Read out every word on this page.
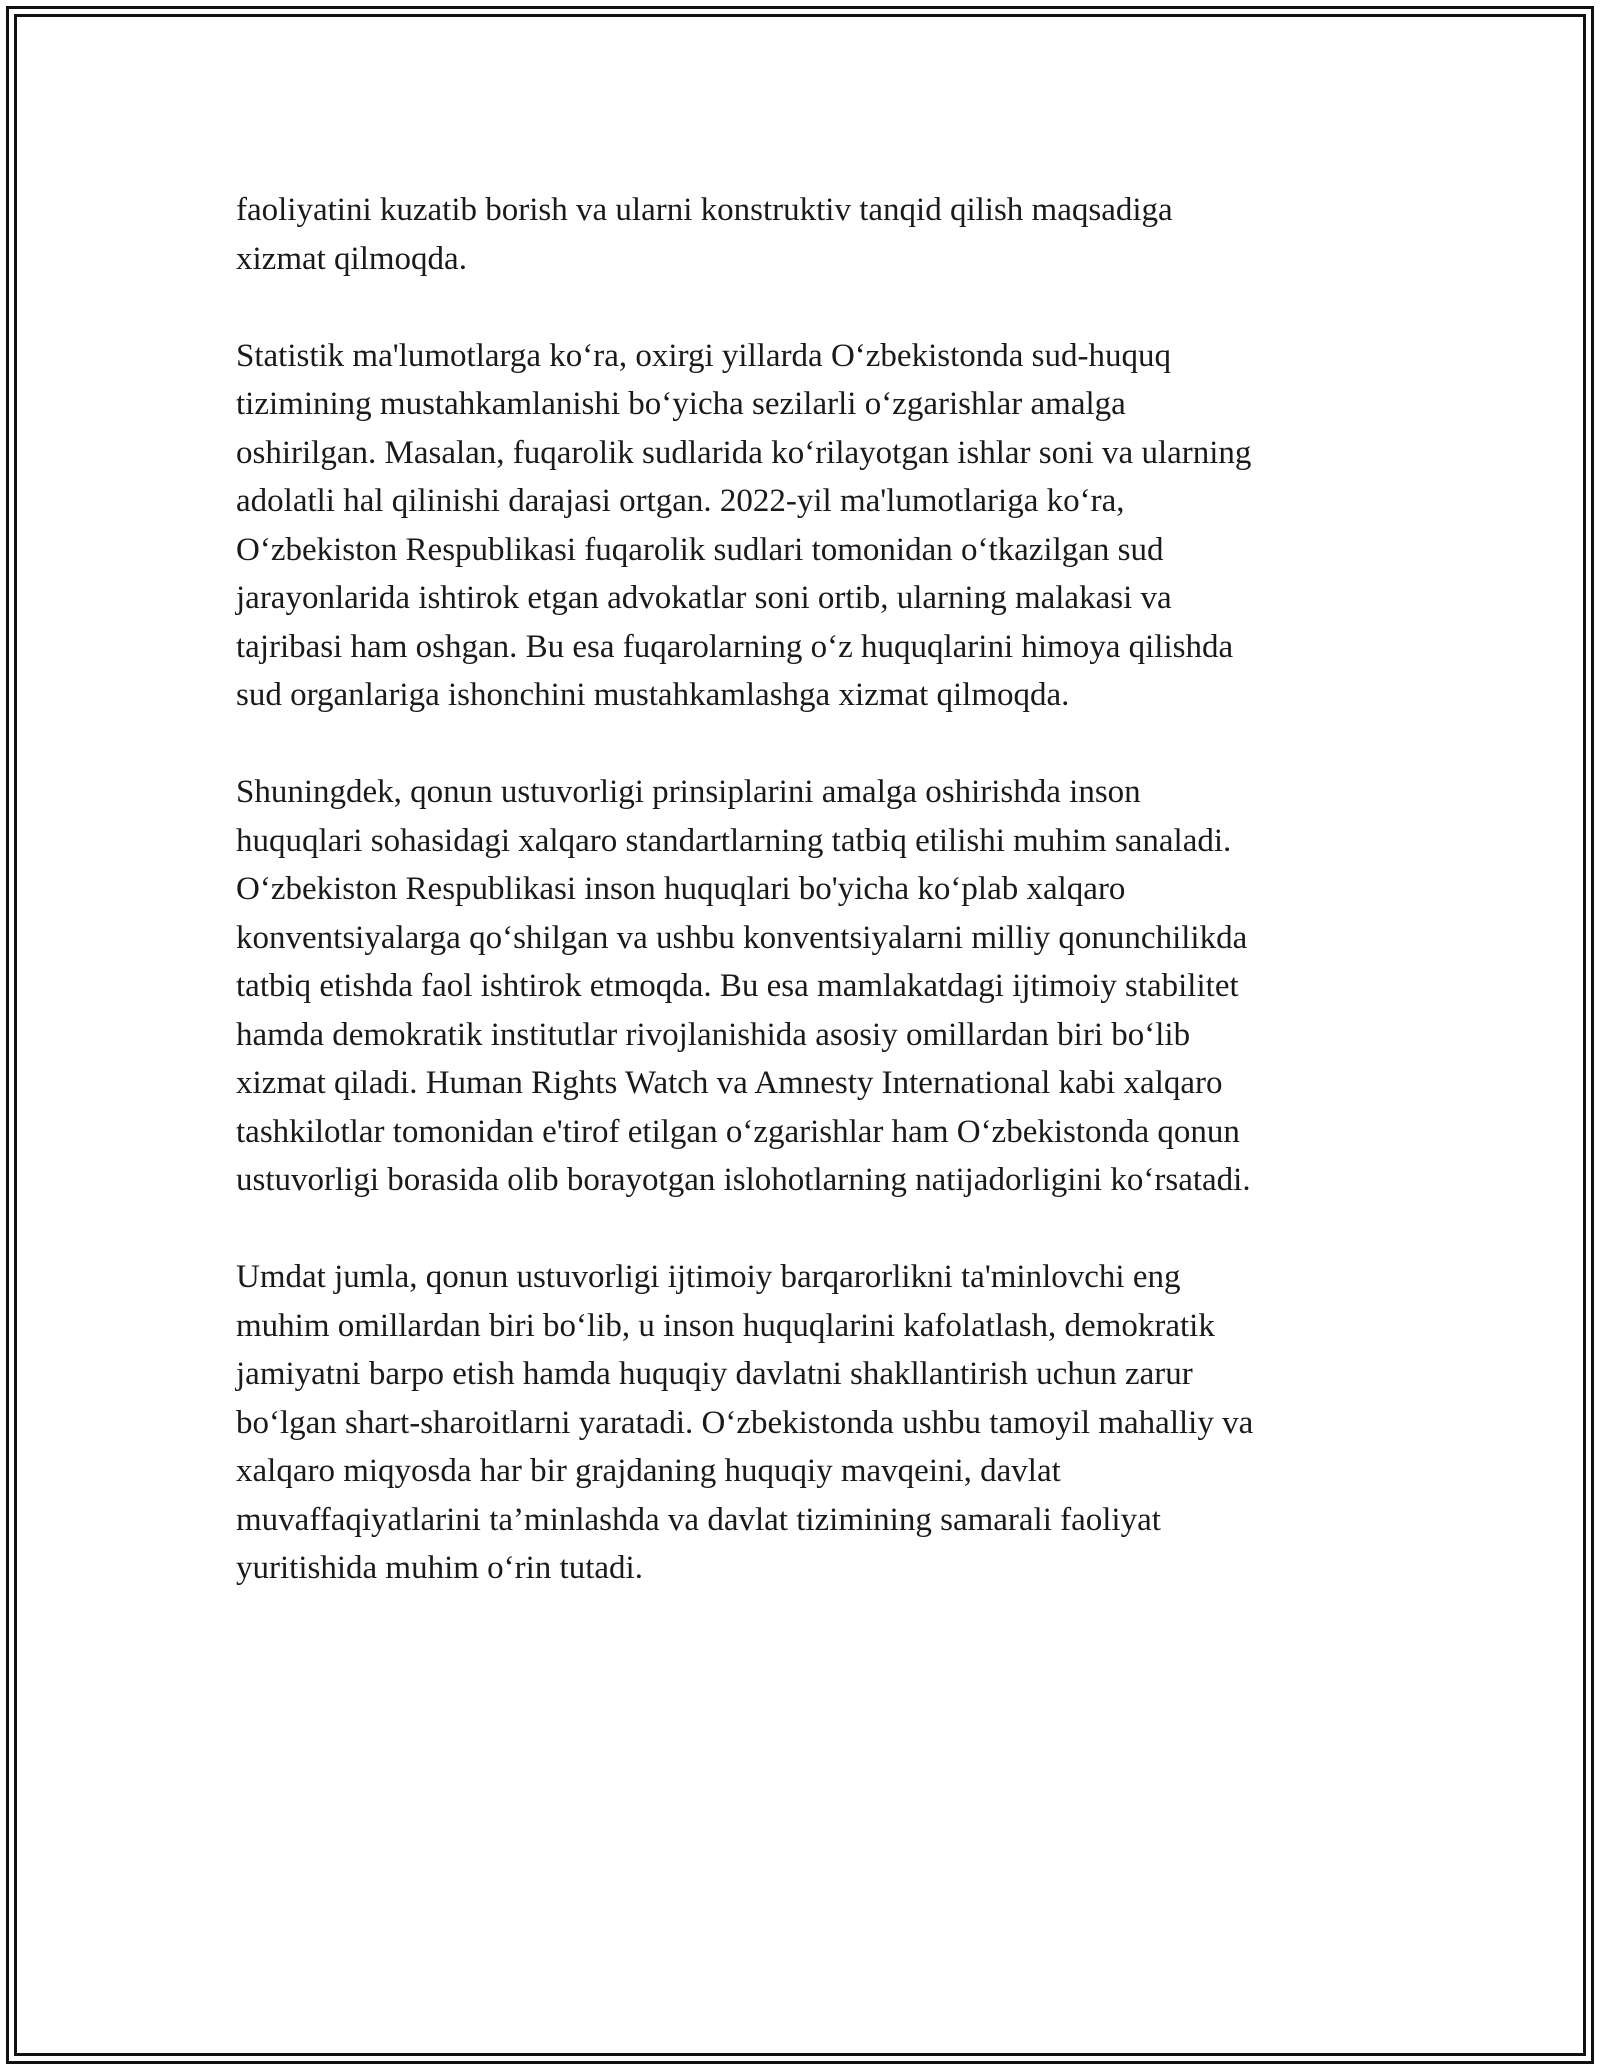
faoliyatini kuzatib borish va ularni konstruktiv tanqid qilish maqsadiga
xizmat qilmoqda.

Statistik ma'lumotlarga ko‘ra, oxirgi yillarda O‘zbekistonda sud-huquq
tizimining mustahkamlanishi bo‘yicha sezilarli o‘zgarishlar amalga
oshirilgan. Masalan, fuqarolik sudlarida ko‘rilayotgan ishlar soni va ularning
adolatli hal qilinishi darajasi ortgan. 2022-yil ma'lumotlariga ko‘ra,
O‘zbekiston Respublikasi fuqarolik sudlari tomonidan o‘tkazilgan sud
jarayonlarida ishtirok etgan advokatlar soni ortib, ularning malakasi va
tajribasi ham oshgan. Bu esa fuqarolarning o‘z huquqlarini himoya qilishda
sud organlariga ishonchini mustahkamlashga xizmat qilmoqda.

Shuningdek, qonun ustuvorligi prinsiplarini amalga oshirishda inson
huquqlari sohasidagi xalqaro standartlarning tatbiq etilishi muhim sanaladi.
O‘zbekiston Respublikasi inson huquqlari bo'yicha ko‘plab xalqaro
konventsiyalarga qo‘shilgan va ushbu konventsiyalarni milliy qonunchilikda
tatbiq etishda faol ishtirok etmoqda. Bu esa mamlakatdagi ijtimoiy stabilitet
hamda demokratik institutlar rivojlanishida asosiy omillardan biri bo‘lib
xizmat qiladi. Human Rights Watch va Amnesty International kabi xalqaro
tashkilotlar tomonidan e'tirof etilgan o‘zgarishlar ham O‘zbekistonda qonun
ustuvorligi borasida olib borayotgan islohotlarning natijadorligini ko‘rsatadi.

Umdat jumla, qonun ustuvorligi ijtimoiy barqarorlikni ta'minlovchi eng
muhim omillardan biri bo‘lib, u inson huquqlarini kafolatlash, demokratik
jamiyatni barpo etish hamda huquqiy davlatni shakllantirish uchun zarur
bo‘lgan shart-sharoitlarni yaratadi. O‘zbekistonda ushbu tamoyil mahalliy va
xalqaro miqyosda har bir grajdaning huquqiy mavqeini, davlat
muvaffaqiyatlarini ta’minlashda va davlat tizimining samarali faoliyat
yuritishida muhim o‘rin tutadi.
